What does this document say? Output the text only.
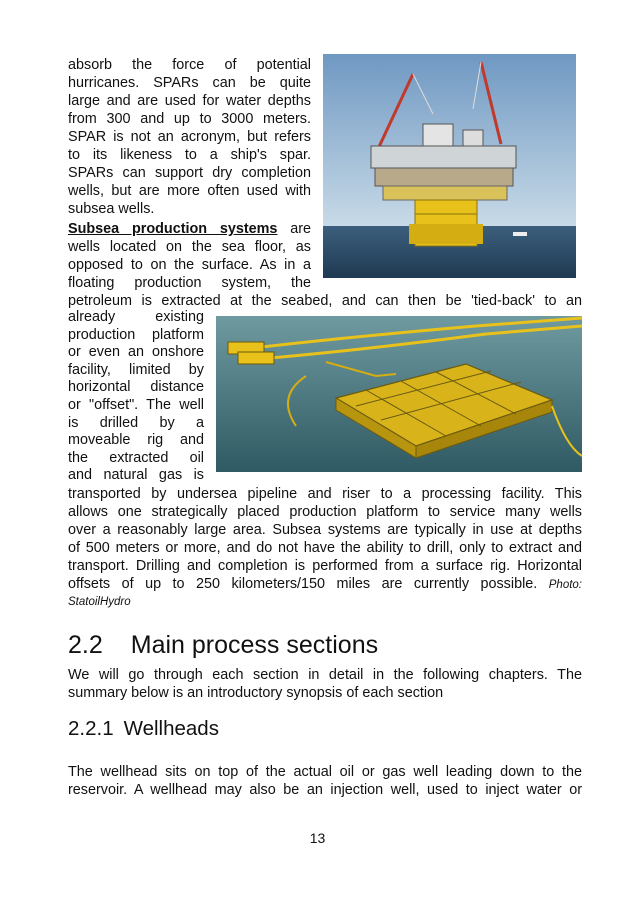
absorb the force of potential
hurricanes. SPARs can be quite
large and are used for water depths
from 300 and up to 3000 meters.
SPAR is not an acronym, but refers
to its likeness to a ship's spar.
SPARs can support dry completion
wells, but are more often used with
subsea wells.
Subsea production systems are
wells located on the sea floor, as
opposed to on the surface. As in a
floating production system, the
petroleum is extracted at the seabed, and can then be 'tied-back' to an
already existing
production platform
or even an onshore
facility, limited by
horizontal distance
or "offset". The well
is drilled by a
moveable rig and
the extracted oil
and natural gas is
transported by undersea pipeline and riser to a processing facility. This
allows one strategically placed production platform to service many wells
over a reasonably large area. Subsea systems are typically in use at depths
of 500 meters or more, and do not have the ability to drill, only to extract and
transport. Drilling and completion is performed from a surface rig. Horizontal
offsets of up to 250 kilometers/150 miles are currently possible. Photo:
StatoilHydro
2.2 Main process sections
We will go through each section in detail in the following chapters. The
summary below is an introductory synopsis of each section
2.2.1 Wellheads
The wellhead sits on top of the actual oil or gas well leading down to the
reservoir. A wellhead may also be an injection well, used to inject water or
13
